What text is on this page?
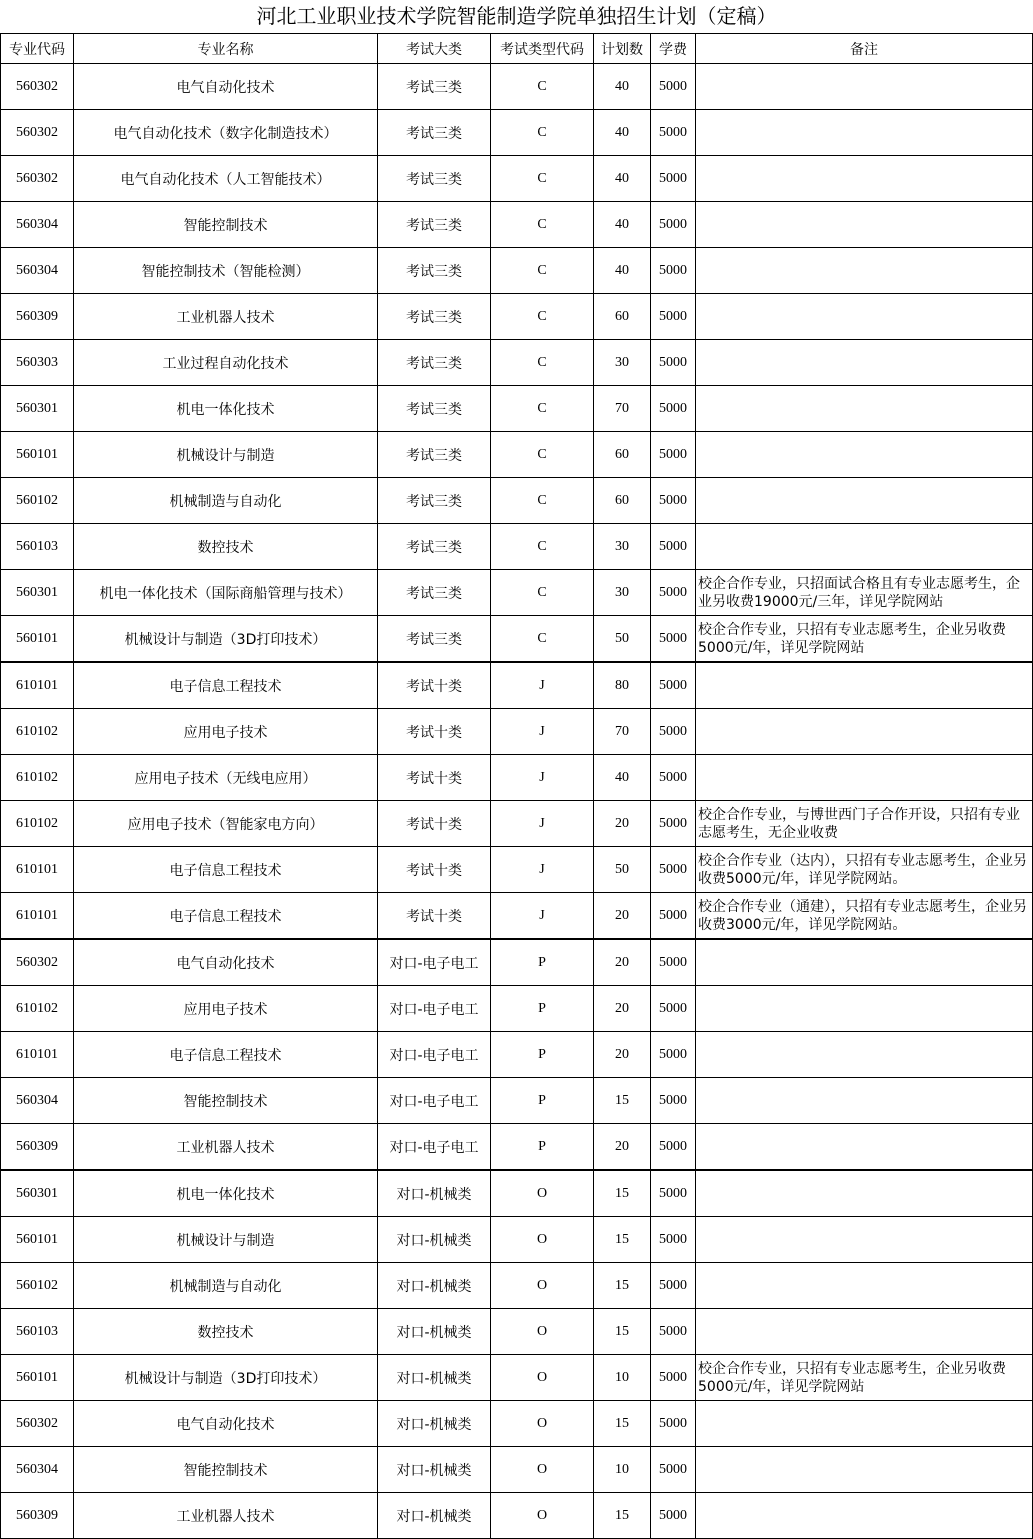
河北工业职业技术学院智能制造学院单独招生计划（定稿）
专业代码	专业名称	考试大类	考试类型代码	计划数	学费	备注
560302	电气自动化技术	考试三类	C	40	5000	
560302	电气自动化技术（数字化制造技术）	考试三类	C	40	5000	
560302	电气自动化技术（人工智能技术）	考试三类	C	40	5000	
560304	智能控制技术	考试三类	C	40	5000	
560304	智能控制技术（智能检测）	考试三类	C	40	5000	
560309	工业机器人技术	考试三类	C	60	5000	
560303	工业过程自动化技术	考试三类	C	30	5000	
560301	机电一体化技术	考试三类	C	70	5000	
560101	机械设计与制造	考试三类	C	60	5000	
560102	机械制造与自动化	考试三类	C	60	5000	
560103	数控技术	考试三类	C	30	5000	
560301	机电一体化技术（国际商船管理与技术）	考试三类	C	30	5000	校企合作专业，只招面试合格且有专业志愿考生，企业另收费19000元/三年，详见学院网站
560101	机械设计与制造（3D打印技术）	考试三类	C	50	5000	校企合作专业，只招有专业志愿考生，企业另收费5000元/年，详见学院网站
610101	电子信息工程技术	考试十类	J	80	5000	
610102	应用电子技术	考试十类	J	70	5000	
610102	应用电子技术（无线电应用）	考试十类	J	40	5000	
610102	应用电子技术（智能家电方向）	考试十类	J	20	5000	校企合作专业，与博世西门子合作开设，只招有专业志愿考生，无企业收费
610101	电子信息工程技术	考试十类	J	50	5000	校企合作专业（达内），只招有专业志愿考生，企业另收费5000元/年，详见学院网站。
610101	电子信息工程技术	考试十类	J	20	5000	校企合作专业（通建），只招有专业志愿考生，企业另收费3000元/年，详见学院网站。
560302	电气自动化技术	对口-电子电工	P	20	5000	
610102	应用电子技术	对口-电子电工	P	20	5000	
610101	电子信息工程技术	对口-电子电工	P	20	5000	
560304	智能控制技术	对口-电子电工	P	15	5000	
560309	工业机器人技术	对口-电子电工	P	20	5000	
560301	机电一体化技术	对口-机械类	O	15	5000	
560101	机械设计与制造	对口-机械类	O	15	5000	
560102	机械制造与自动化	对口-机械类	O	15	5000	
560103	数控技术	对口-机械类	O	15	5000	
560101	机械设计与制造（3D打印技术）	对口-机械类	O	10	5000	校企合作专业，只招有专业志愿考生，企业另收费5000元/年，详见学院网站
560302	电气自动化技术	对口-机械类	O	15	5000	
560304	智能控制技术	对口-机械类	O	10	5000	
560309	工业机器人技术	对口-机械类	O	15	5000	
